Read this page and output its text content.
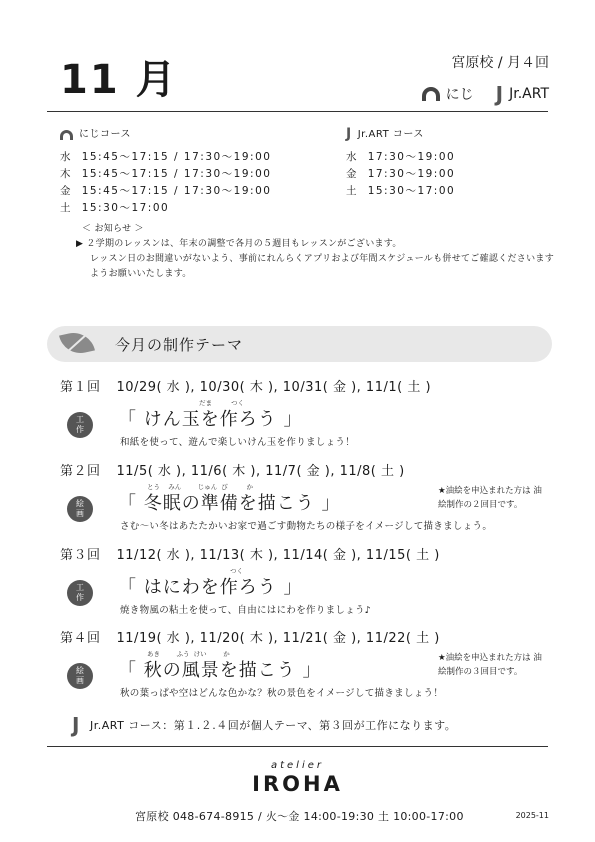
11 月	宮原校 / 月４回
にじ J Jr.ART
にじコース
水 15:45〜17:15 / 17:30〜19:00
木 15:45〜17:15 / 17:30〜19:00
金 15:45〜17:15 / 17:30〜19:00
土 15:30〜17:00
J Jr.ART コース
水 17:30〜19:00
金 17:30〜19:00
土 15:30〜17:00
＜ お知らせ ＞
▶ ２学期のレッスンは、年末の調整で各月の５週目もレッスンがございます。
レッスン日のお間違いがないよう、事前にれんらくアプリおよび年間スケジュールも併せてご確認くださいます
ようお願いいたします。
今月の制作テーマ
第１回 10/29( 水 ), 10/30( 木 ), 10/31( 金 ), 11/1( 土 )
工
作
だま	つく
「 けん玉を作ろう 」
和紙を使って、遊んで楽しいけん玉を作りましょう！
第２回 11/5( 水 ), 11/6( 木 ), 11/7( 金 ), 11/8( 土 )
絵
画
とう    みん        じゅん  び         か
「 冬眠の準備を描こう 」
★油絵を申込まれた方は 油絵制作の２回目です。
さむ〜い冬はあたたかいお家で過ごす動物たちの様子をイメージして描きましょう。
第３回 11/12( 水 ), 11/13( 木 ), 11/14( 金 ), 11/15( 土 )
工
作
つく
「 はにわを作ろう 」
焼き物風の粘土を使って、自由にはにわを作りましょう♪
第４回 11/19( 水 ), 11/20( 木 ), 11/21( 金 ), 11/22( 土 )
絵
画
あき        ふう  けい        か
「 秋の風景を描こう 」
★油絵を申込まれた方は 油絵制作の３回目です。
秋の葉っぱや空はどんな色かな？秋の景色をイメージして描きましょう！
J Jr.ART コース：第１.２.４回が個人テーマ、第３回が工作になります。
atelier
IROHA
宮原校 048-674-8915 / 火〜金 14:00-19:30 土 10:00-17:00	2025-11
